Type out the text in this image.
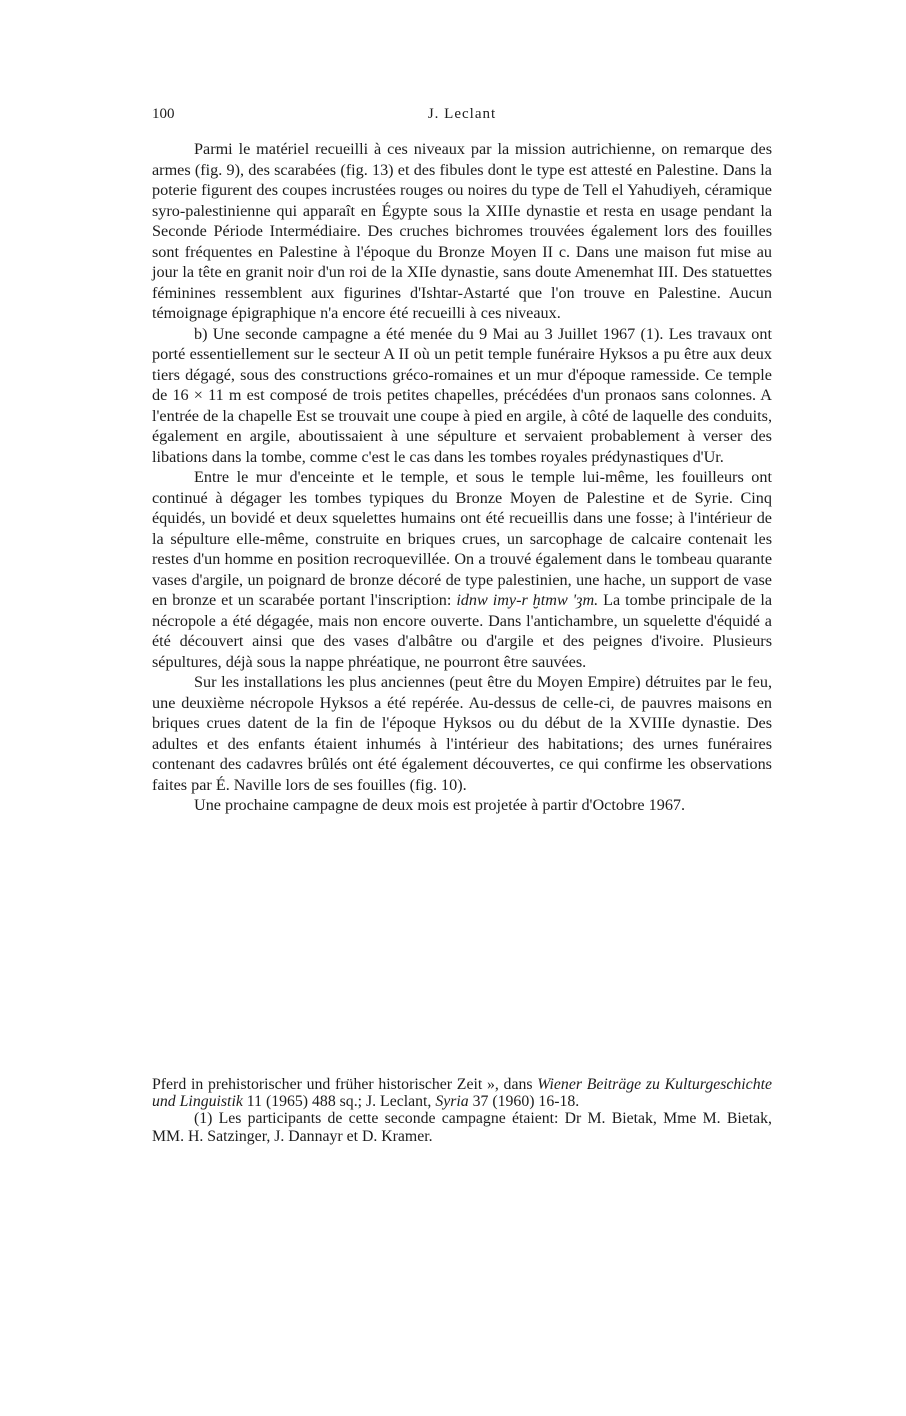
100	J. Leclant

Parmi le matériel recueilli à ces niveaux par la mission autrichienne, on remarque des armes (fig. 9), des scarabées (fig. 13) et des fibules dont le type est attesté en Palestine. Dans la poterie figurent des coupes incrustées rouges ou noires du type de Tell el Yahudiyeh, céramique syro-palestinienne qui apparaît en Égypte sous la XIIIe dynastie et resta en usage pendant la Seconde Période Intermédiaire. Des cruches bichromes trouvées également lors des fouilles sont fréquentes en Palestine à l'époque du Bronze Moyen II c. Dans une maison fut mise au jour la tête en granit noir d'un roi de la XIIe dynastie, sans doute Amenemhat III. Des statuettes féminines ressemblent aux figurines d'Ishtar-Astarté que l'on trouve en Palestine. Aucun témoignage épigraphique n'a encore été recueilli à ces niveaux.

b) Une seconde campagne a été menée du 9 Mai au 3 Juillet 1967 (1). Les travaux ont porté essentiellement sur le secteur A II où un petit temple funéraire Hyksos a pu être aux deux tiers dégagé, sous des constructions gréco-romaines et un mur d'époque ramesside. Ce temple de 16 × 11 m est composé de trois petites chapelles, précédées d'un pronaos sans colonnes. A l'entrée de la chapelle Est se trouvait une coupe à pied en argile, à côté de laquelle des conduits, également en argile, aboutissaient à une sépulture et servaient probablement à verser des libations dans la tombe, comme c'est le cas dans les tombes royales prédynastiques d'Ur.

Entre le mur d'enceinte et le temple, et sous le temple lui-même, les fouilleurs ont continué à dégager les tombes typiques du Bronze Moyen de Palestine et de Syrie. Cinq équidés, un bovidé et deux squelettes humains ont été recueillis dans une fosse; à l'intérieur de la sépulture elle-même, construite en briques crues, un sarcophage de calcaire contenait les restes d'un homme en position recroquevillée. On a trouvé également dans le tombeau quarante vases d'argile, un poignard de bronze décoré de type palestinien, une hache, un support de vase en bronze et un scarabée portant l'inscription: idnw imy-r ḫtmw 'ȝm. La tombe principale de la nécropole a été dégagée, mais non encore ouverte. Dans l'antichambre, un squelette d'équidé a été découvert ainsi que des vases d'albâtre ou d'argile et des peignes d'ivoire. Plusieurs sépultures, déjà sous la nappe phréatique, ne pourront être sauvées.

Sur les installations les plus anciennes (peut être du Moyen Empire) détruites par le feu, une deuxième nécropole Hyksos a été repérée. Au-dessus de celle-ci, de pauvres maisons en briques crues datent de la fin de l'époque Hyksos ou du début de la XVIIIe dynastie. Des adultes et des enfants étaient inhumés à l'intérieur des habitations; des urnes funéraires contenant des cadavres brûlés ont été également découvertes, ce qui confirme les observations faites par É. Naville lors de ses fouilles (fig. 10).

Une prochaine campagne de deux mois est projetée à partir d'Octobre 1967.

Pferd in prehistorischer und früher historischer Zeit », dans Wiener Beiträge zu Kulturgeschichte und Linguistik 11 (1965) 488 sq.; J. Leclant, Syria 37 (1960) 16-18.

(1) Les participants de cette seconde campagne étaient: Dr M. Bietak, Mme M. Bietak, MM. H. Satzinger, J. Dannayr et D. Kramer.
